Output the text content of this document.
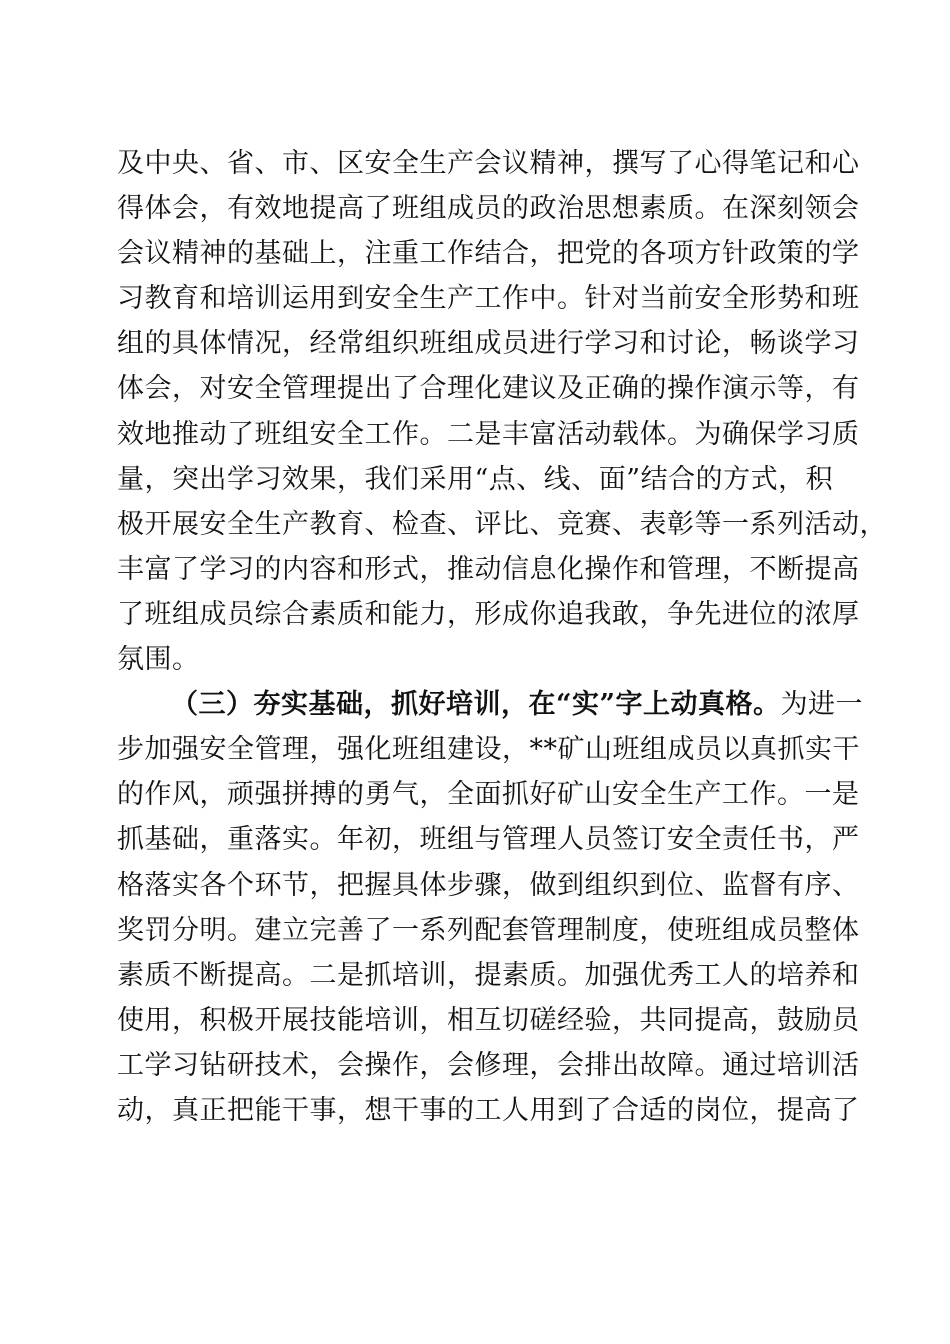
及中央、省、市、区安全生产会议精神，撰写了心得笔记和心
得体会，有效地提高了班组成员的政治思想素质。在深刻领会
会议精神的基础上，注重工作结合，把党的各项方针政策的学
习教育和培训运用到安全生产工作中。针对当前安全形势和班
组的具体情况，经常组织班组成员进行学习和讨论，畅谈学习
体会，对安全管理提出了合理化建议及正确的操作演示等，有
效地推动了班组安全工作。二是丰富活动载体。为确保学习质
量，突出学习效果，我们采用“点、线、面”结合的方式，积
极开展安全生产教育、检查、评比、竞赛、表彰等一系列活动，
丰富了学习的内容和形式，推动信息化操作和管理，不断提高
了班组成员综合素质和能力，形成你追我敢，争先进位的浓厚
氛围。
（三）夯实基础，抓好培训，在“实”字上动真格。为进一
步加强安全管理，强化班组建设，**矿山班组成员以真抓实干
的作风，顽强拼搏的勇气，全面抓好矿山安全生产工作。一是
抓基础，重落实。年初，班组与管理人员签订安全责任书，严
格落实各个环节，把握具体步骤，做到组织到位、监督有序、
奖罚分明。建立完善了一系列配套管理制度，使班组成员整体
素质不断提高。二是抓培训，提素质。加强优秀工人的培养和
使用，积极开展技能培训，相互切磋经验，共同提高，鼓励员
工学习钻研技术，会操作，会修理，会排出故障。通过培训活
动，真正把能干事，想干事的工人用到了合适的岗位，提高了
